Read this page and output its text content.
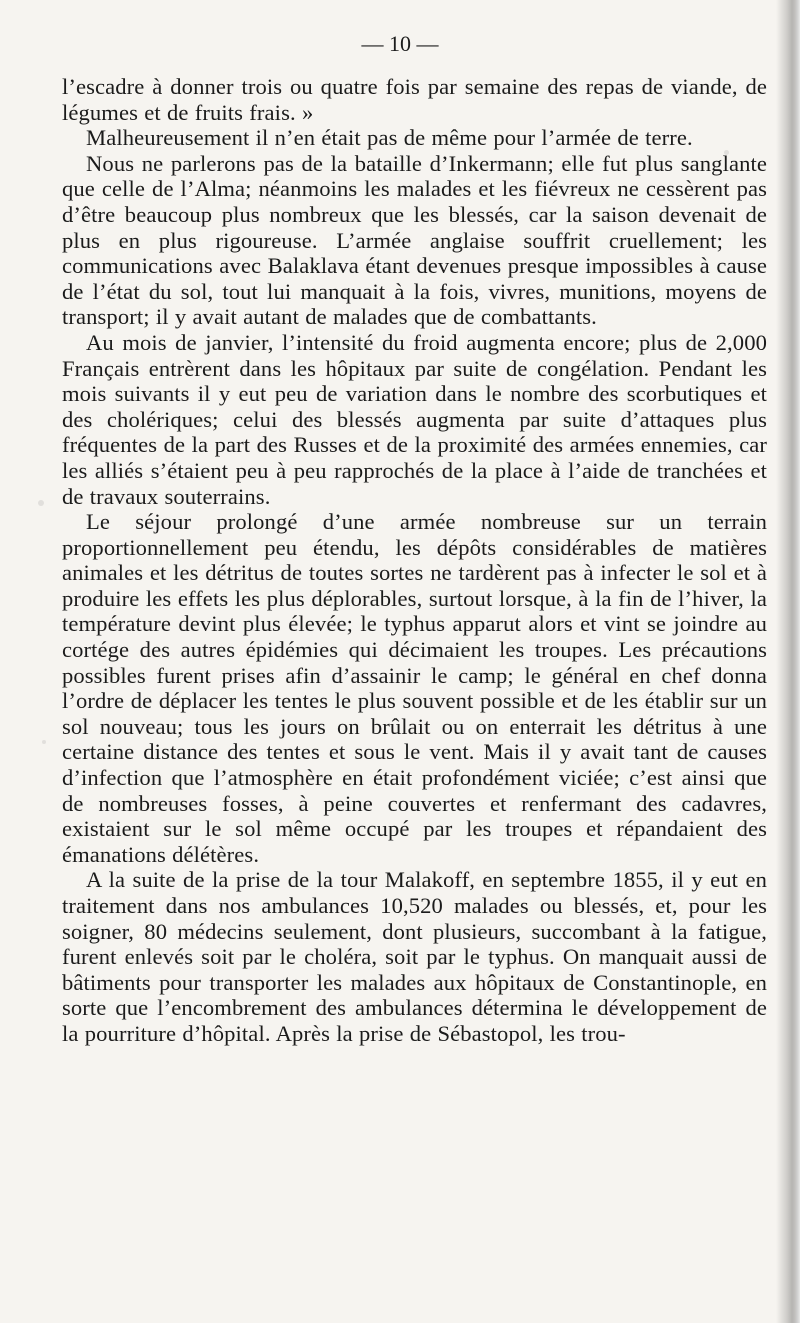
— 10 —

l’escadre à donner trois ou quatre fois par semaine des repas de viande, de légumes et de fruits frais. »

Malheureusement il n’en était pas de même pour l’armée de terre.

Nous ne parlerons pas de la bataille d’Inkermann; elle fut plus sanglante que celle de l’Alma; néanmoins les malades et les fiévreux ne cessèrent pas d’être beaucoup plus nombreux que les blessés, car la saison devenait de plus en plus rigoureuse. L’armée anglaise souffrit cruellement; les communications avec Balaklava étant devenues presque impossibles à cause de l’état du sol, tout lui manquait à la fois, vivres, munitions, moyens de transport; il y avait autant de malades que de combattants.

Au mois de janvier, l’intensité du froid augmenta encore; plus de 2,000 Français entrèrent dans les hôpitaux par suite de congélation. Pendant les mois suivants il y eut peu de variation dans le nombre des scorbutiques et des cholériques; celui des blessés augmenta par suite d’attaques plus fréquentes de la part des Russes et de la proximité des armées ennemies, car les alliés s’étaient peu à peu rapprochés de la place à l’aide de tranchées et de travaux souterrains.

Le séjour prolongé d’une armée nombreuse sur un terrain proportionnellement peu étendu, les dépôts considérables de matières animales et les détritus de toutes sortes ne tardèrent pas à infecter le sol et à produire les effets les plus déplorables, surtout lorsque, à la fin de l’hiver, la température devint plus élevée; le typhus apparut alors et vint se joindre au cortége des autres épidémies qui décimaient les troupes. Les précautions possibles furent prises afin d’assainir le camp; le général en chef donna l’ordre de déplacer les tentes le plus souvent possible et de les établir sur un sol nouveau; tous les jours on brûlait ou on enterrait les détritus à une certaine distance des tentes et sous le vent. Mais il y avait tant de causes d’infection que l’atmosphère en était profondément viciée; c’est ainsi que de nombreuses fosses, à peine couvertes et renfermant des cadavres, existaient sur le sol même occupé par les troupes et répandaient des émanations délétères.

A la suite de la prise de la tour Malakoff, en septembre 1855, il y eut en traitement dans nos ambulances 10,520 malades ou blessés, et, pour les soigner, 80 médecins seulement, dont plusieurs, succombant à la fatigue, furent enlevés soit par le choléra, soit par le typhus. On manquait aussi de bâtiments pour transporter les malades aux hôpitaux de Constantinople, en sorte que l’encombrement des ambulances détermina le développement de la pourriture d’hôpital. Après la prise de Sébastopol, les trou-
